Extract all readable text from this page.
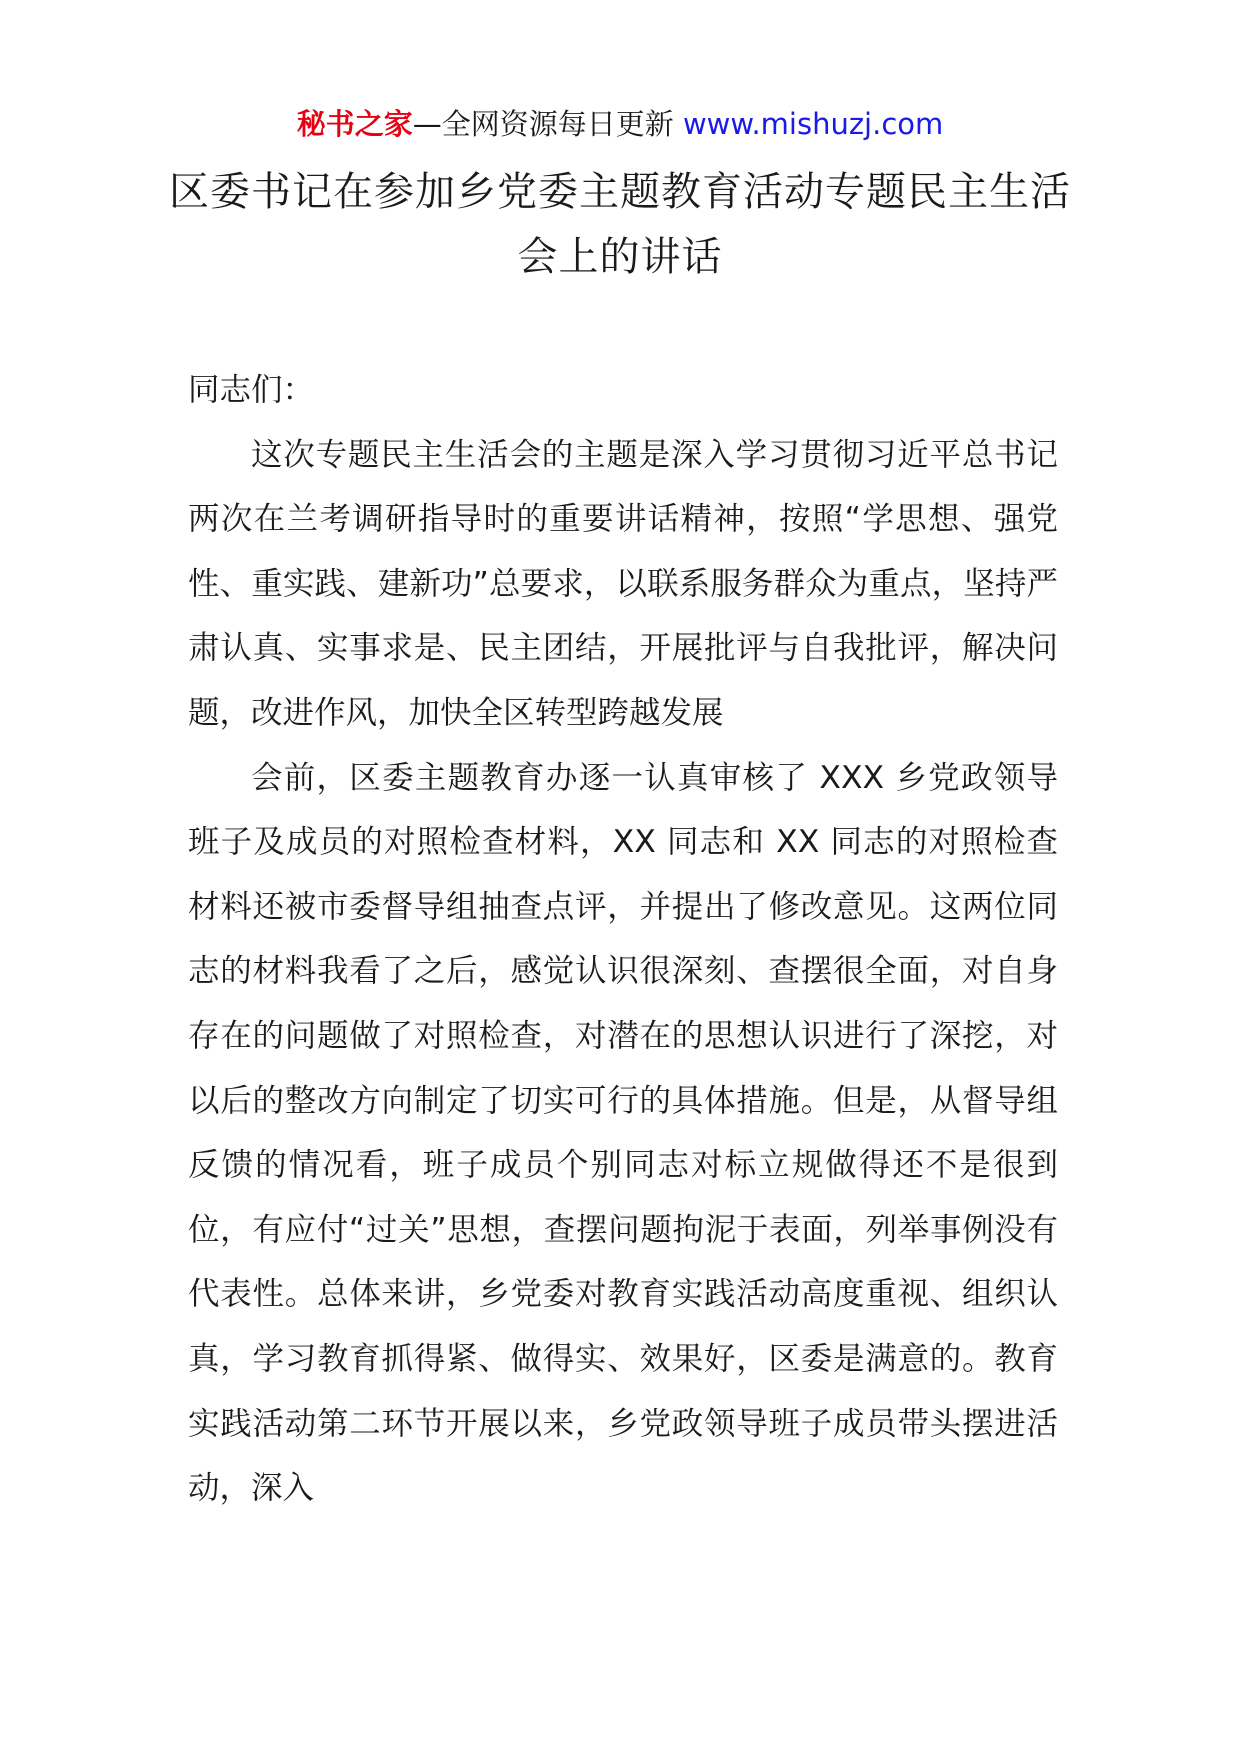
秘书之家—全网资源每日更新 www.mishuzj.com
区委书记在参加乡党委主题教育活动专题民主生活会上的讲话

同志们：

这次专题民主生活会的主题是深入学习贯彻习近平总书记两次在兰考调研指导时的重要讲话精神，按照“学思想、强党性、重实践、建新功”总要求，以联系服务群众为重点，坚持严肃认真、实事求是、民主团结，开展批评与自我批评，解决问题，改进作风，加快全区转型跨越发展

会前，区委主题教育办逐一认真审核了 XXX 乡党政领导班子及成员的对照检查材料，XX 同志和 XX 同志的对照检查材料还被市委督导组抽查点评，并提出了修改意见。这两位同志的材料我看了之后，感觉认识很深刻、查摆很全面，对自身存在的问题做了对照检查，对潜在的思想认识进行了深挖，对以后的整改方向制定了切实可行的具体措施。但是，从督导组反馈的情况看，班子成员个别同志对标立规做得还不是很到位，有应付“过关”思想，查摆问题拘泥于表面，列举事例没有代表性。总体来讲，乡党委对教育实践活动高度重视、组织认真，学习教育抓得紧、做得实、效果好，区委是满意的。教育实践活动第二环节开展以来，乡党政领导班子成员带头摆进活动，深入
